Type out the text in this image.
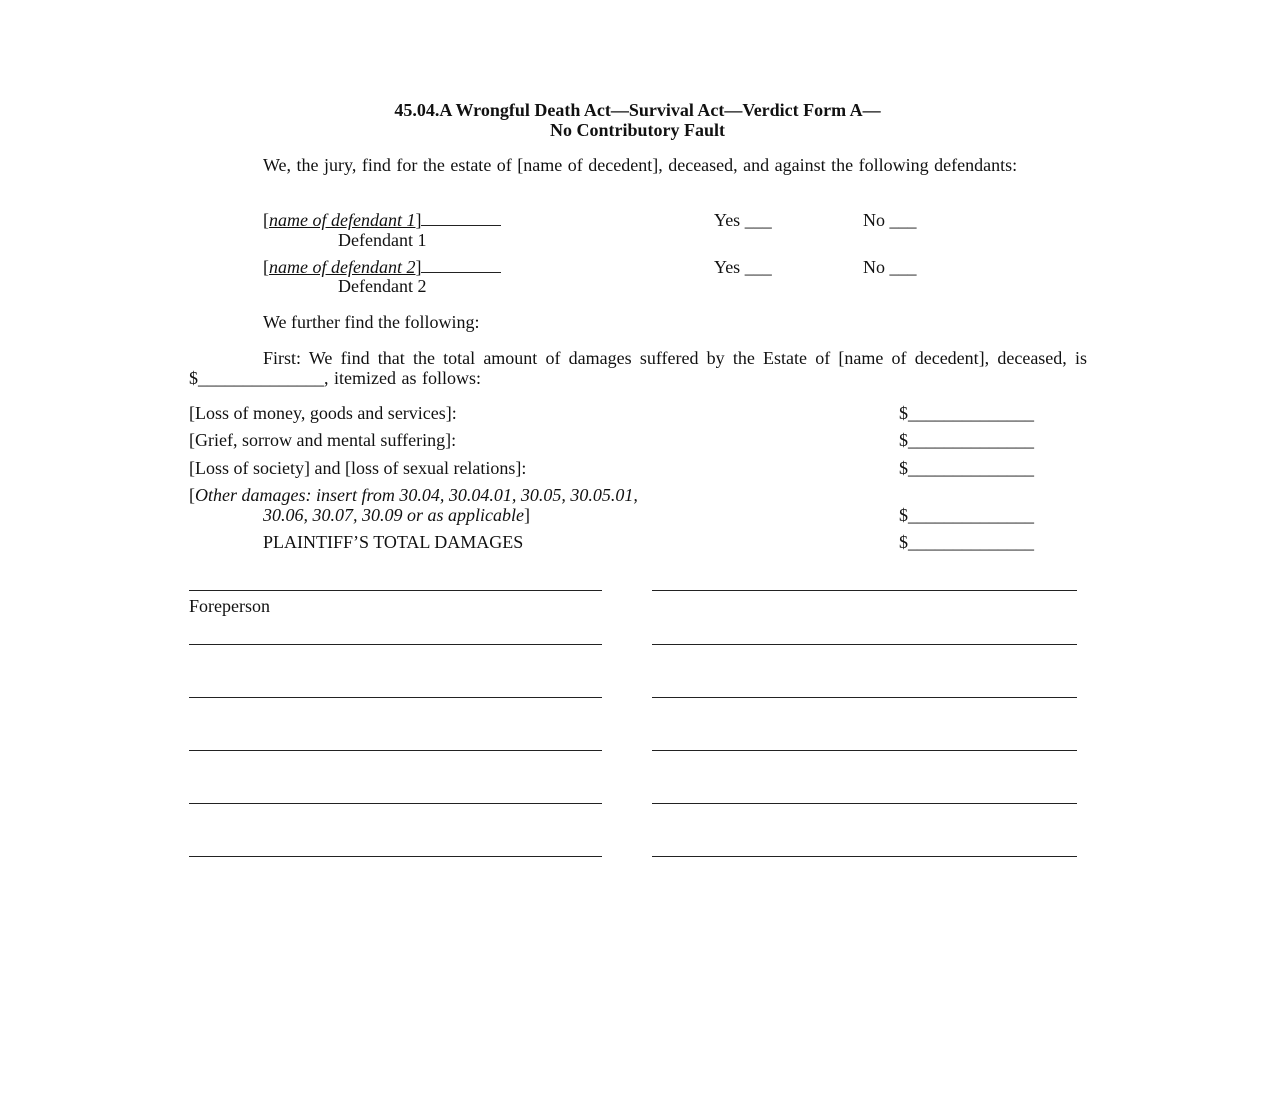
45.04.A Wrongful Death Act—Survival Act—Verdict Form A—
No Contributory Fault
We, the jury, find for the estate of [name of decedent], deceased, and against the following defendants:
[name of defendant 1]
Defendant 1
Yes ___	No ___
[name of defendant 2]
Defendant 2
Yes ___	No ___
We further find the following:
First: We find that the total amount of damages suffered by the Estate of [name of decedent], deceased, is $______________, itemized as follows:
[Loss of money, goods and services]:	$______________
[Grief, sorrow and mental suffering]:	$______________
[Loss of society] and [loss of sexual relations]:	$______________
[Other damages: insert from 30.04, 30.04.01, 30.05, 30.05.01,
30.06, 30.07, 30.09 or as applicable]	$______________
PLAINTIFF’S TOTAL DAMAGES	$______________
Foreperson
